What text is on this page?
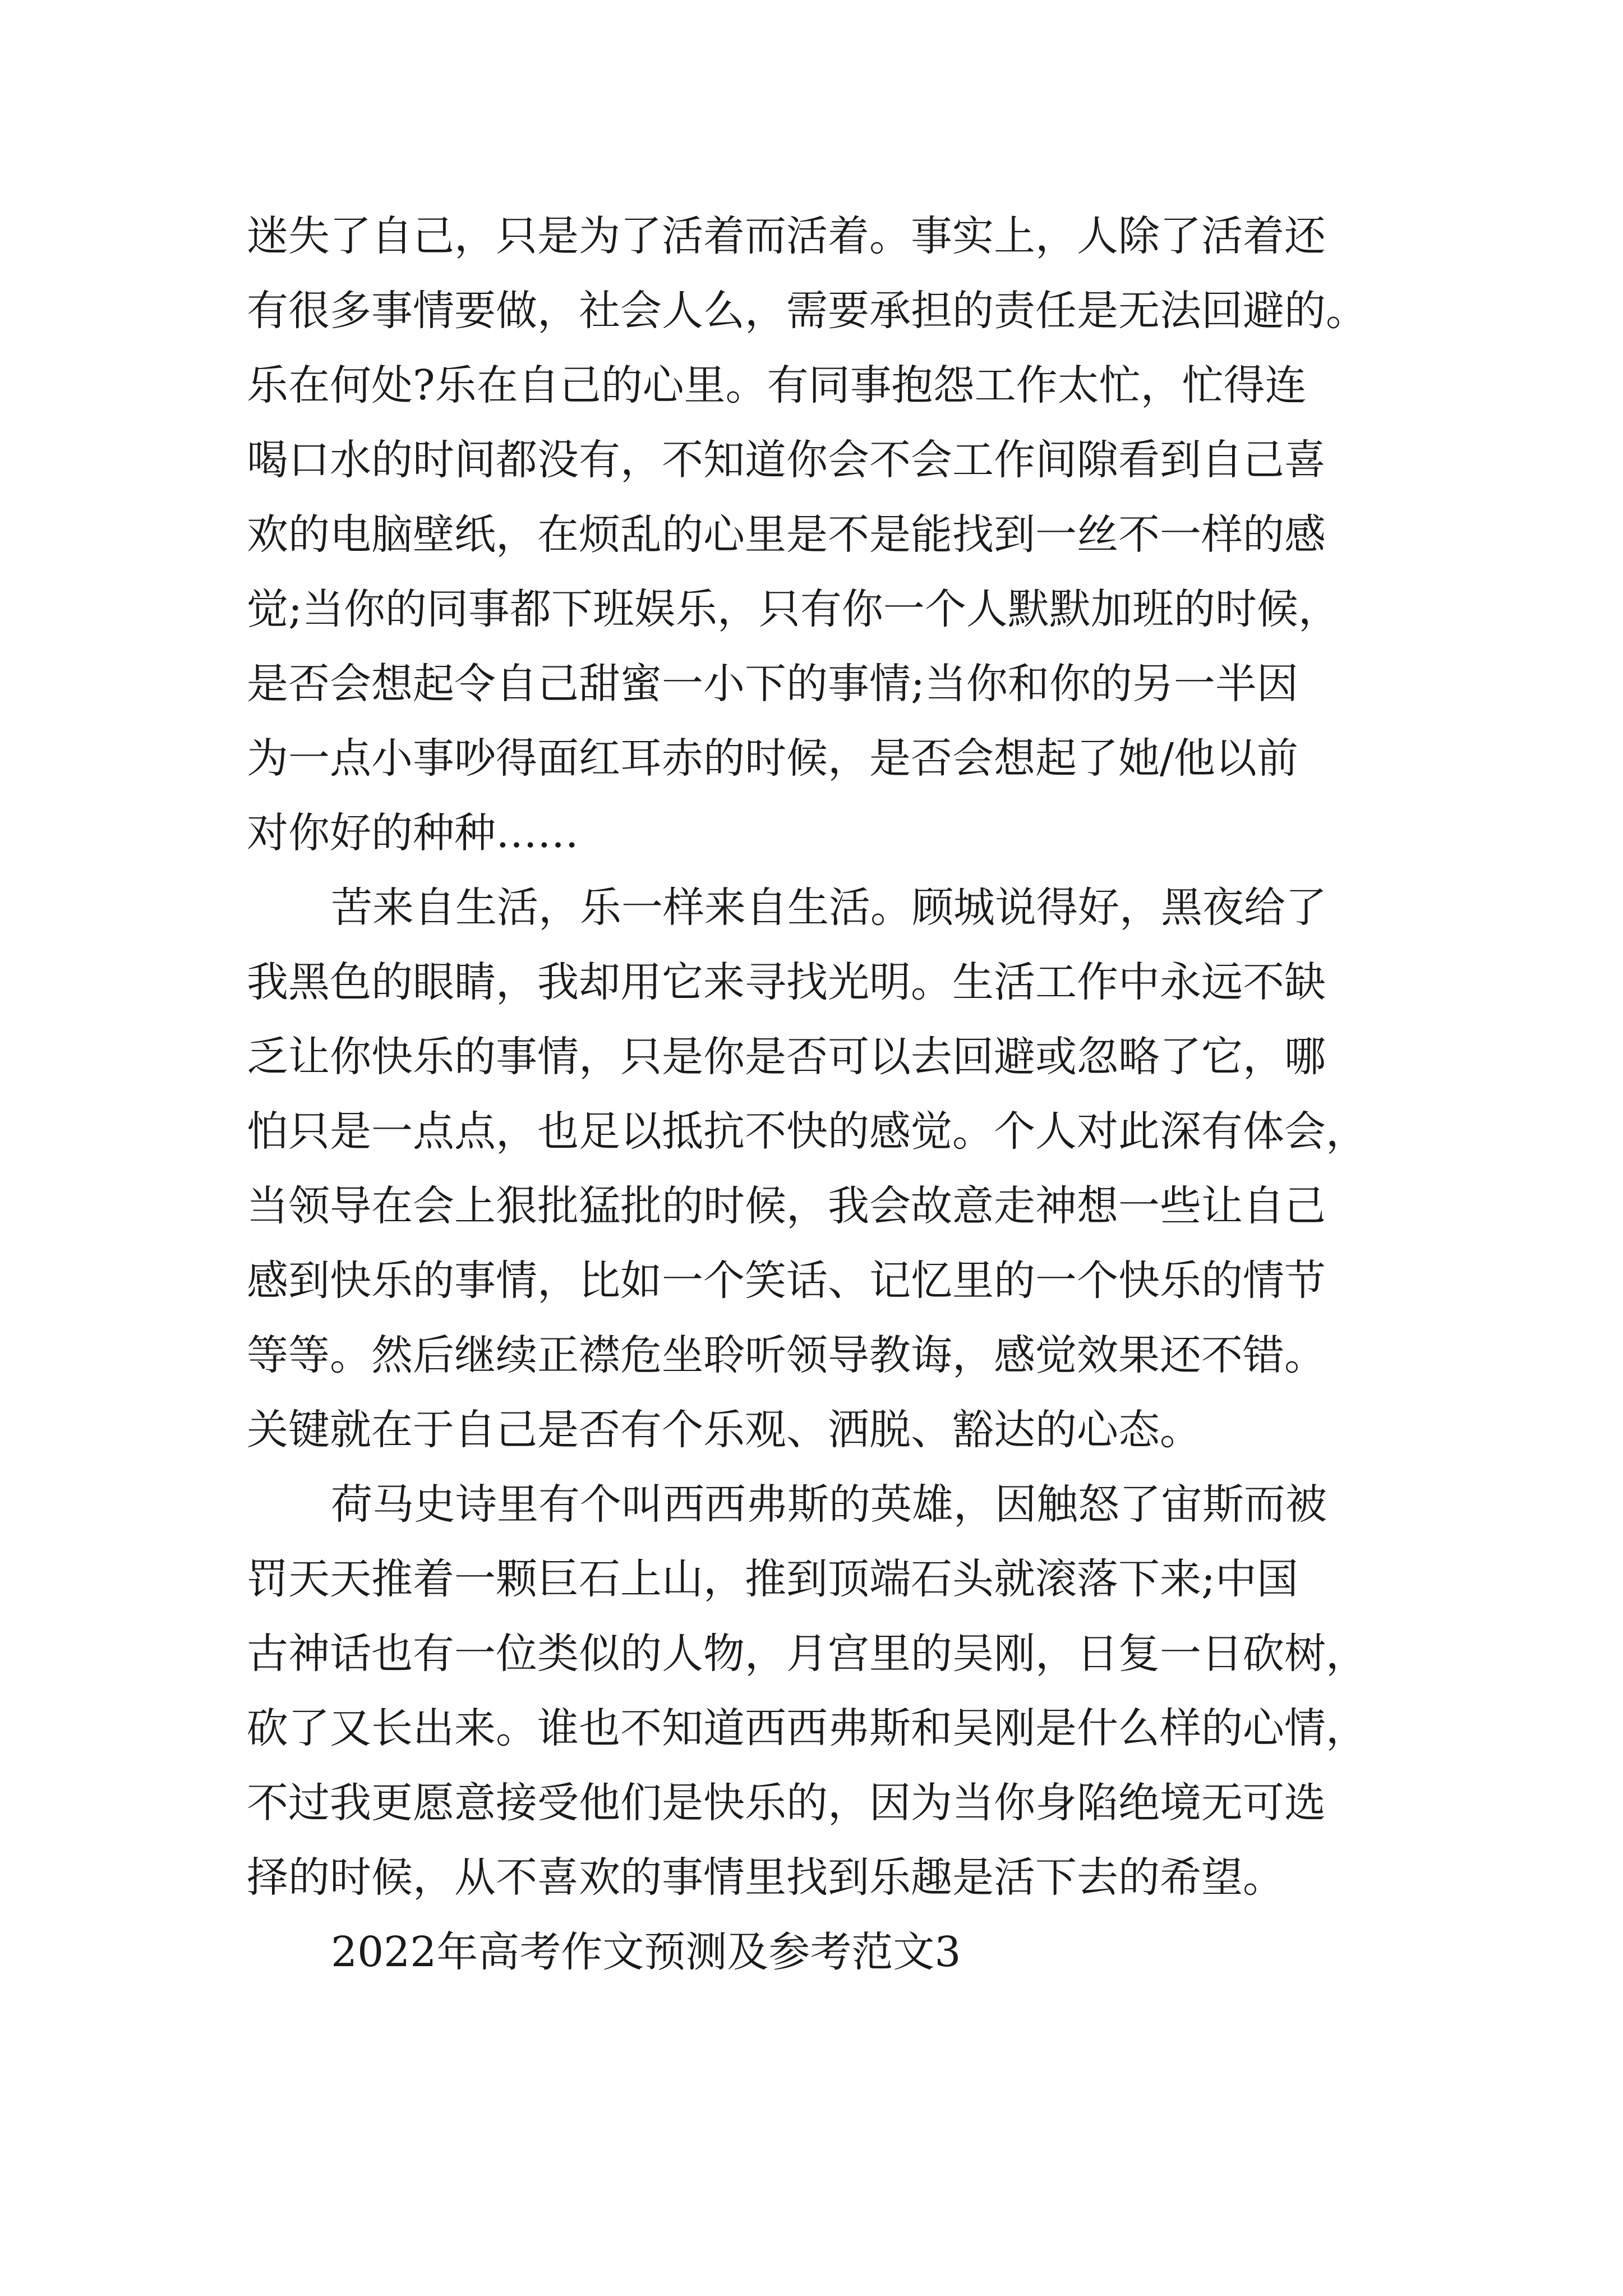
迷失了自己，只是为了活着而活着。事实上，人除了活着还
有很多事情要做，社会人么，需要承担的责任是无法回避的。
乐在何处?乐在自己的心里。有同事抱怨工作太忙，忙得连
喝口水的时间都没有，不知道你会不会工作间隙看到自己喜
欢的电脑壁纸，在烦乱的心里是不是能找到一丝不一样的感
觉;当你的同事都下班娱乐，只有你一个人默默加班的时候，
是否会想起令自己甜蜜一小下的事情;当你和你的另一半因
为一点小事吵得面红耳赤的时候，是否会想起了她/他以前
对你好的种种……
苦来自生活，乐一样来自生活。顾城说得好，黑夜给了
我黑色的眼睛，我却用它来寻找光明。生活工作中永远不缺
乏让你快乐的事情，只是你是否可以去回避或忽略了它，哪
怕只是一点点，也足以抵抗不快的感觉。个人对此深有体会，
当领导在会上狠批猛批的时候，我会故意走神想一些让自己
感到快乐的事情，比如一个笑话、记忆里的一个快乐的情节
等等。然后继续正襟危坐聆听领导教诲，感觉效果还不错。
关键就在于自己是否有个乐观、洒脱、豁达的心态。
荷马史诗里有个叫西西弗斯的英雄，因触怒了宙斯而被
罚天天推着一颗巨石上山，推到顶端石头就滚落下来;中国
古神话也有一位类似的人物，月宫里的吴刚，日复一日砍树，
砍了又长出来。谁也不知道西西弗斯和吴刚是什么样的心情，
不过我更愿意接受他们是快乐的，因为当你身陷绝境无可选
择的时候，从不喜欢的事情里找到乐趣是活下去的希望。
2022年高考作文预测及参考范文3
